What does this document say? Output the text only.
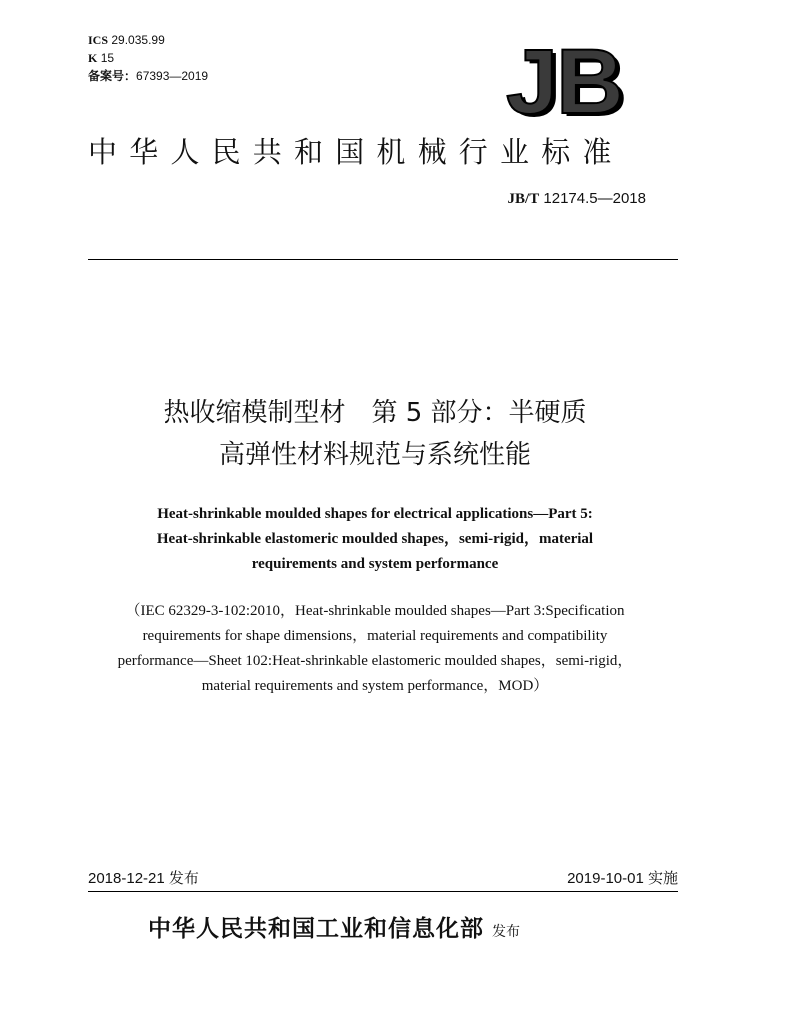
ICS 29.035.99
K 15
备案号：67393—2019	JB
中华人民共和国机械行业标准
JB/T 12174.5—2018
热收缩模制型材　第 5 部分：半硬质
高弹性材料规范与系统性能
Heat-shrinkable moulded shapes for electrical applications—Part 5:
Heat-shrinkable elastomeric moulded shapes，semi-rigid，material
requirements and system performance
（IEC 62329-3-102:2010，Heat-shrinkable moulded shapes—Part 3:Specification
requirements for shape dimensions，material requirements and compatibility
performance—Sheet 102:Heat-shrinkable elastomeric moulded shapes，semi-rigid，
material requirements and system performance，MOD）
2018-12-21 发布	2019-10-01 实施
中华人民共和国工业和信息化部 发布
